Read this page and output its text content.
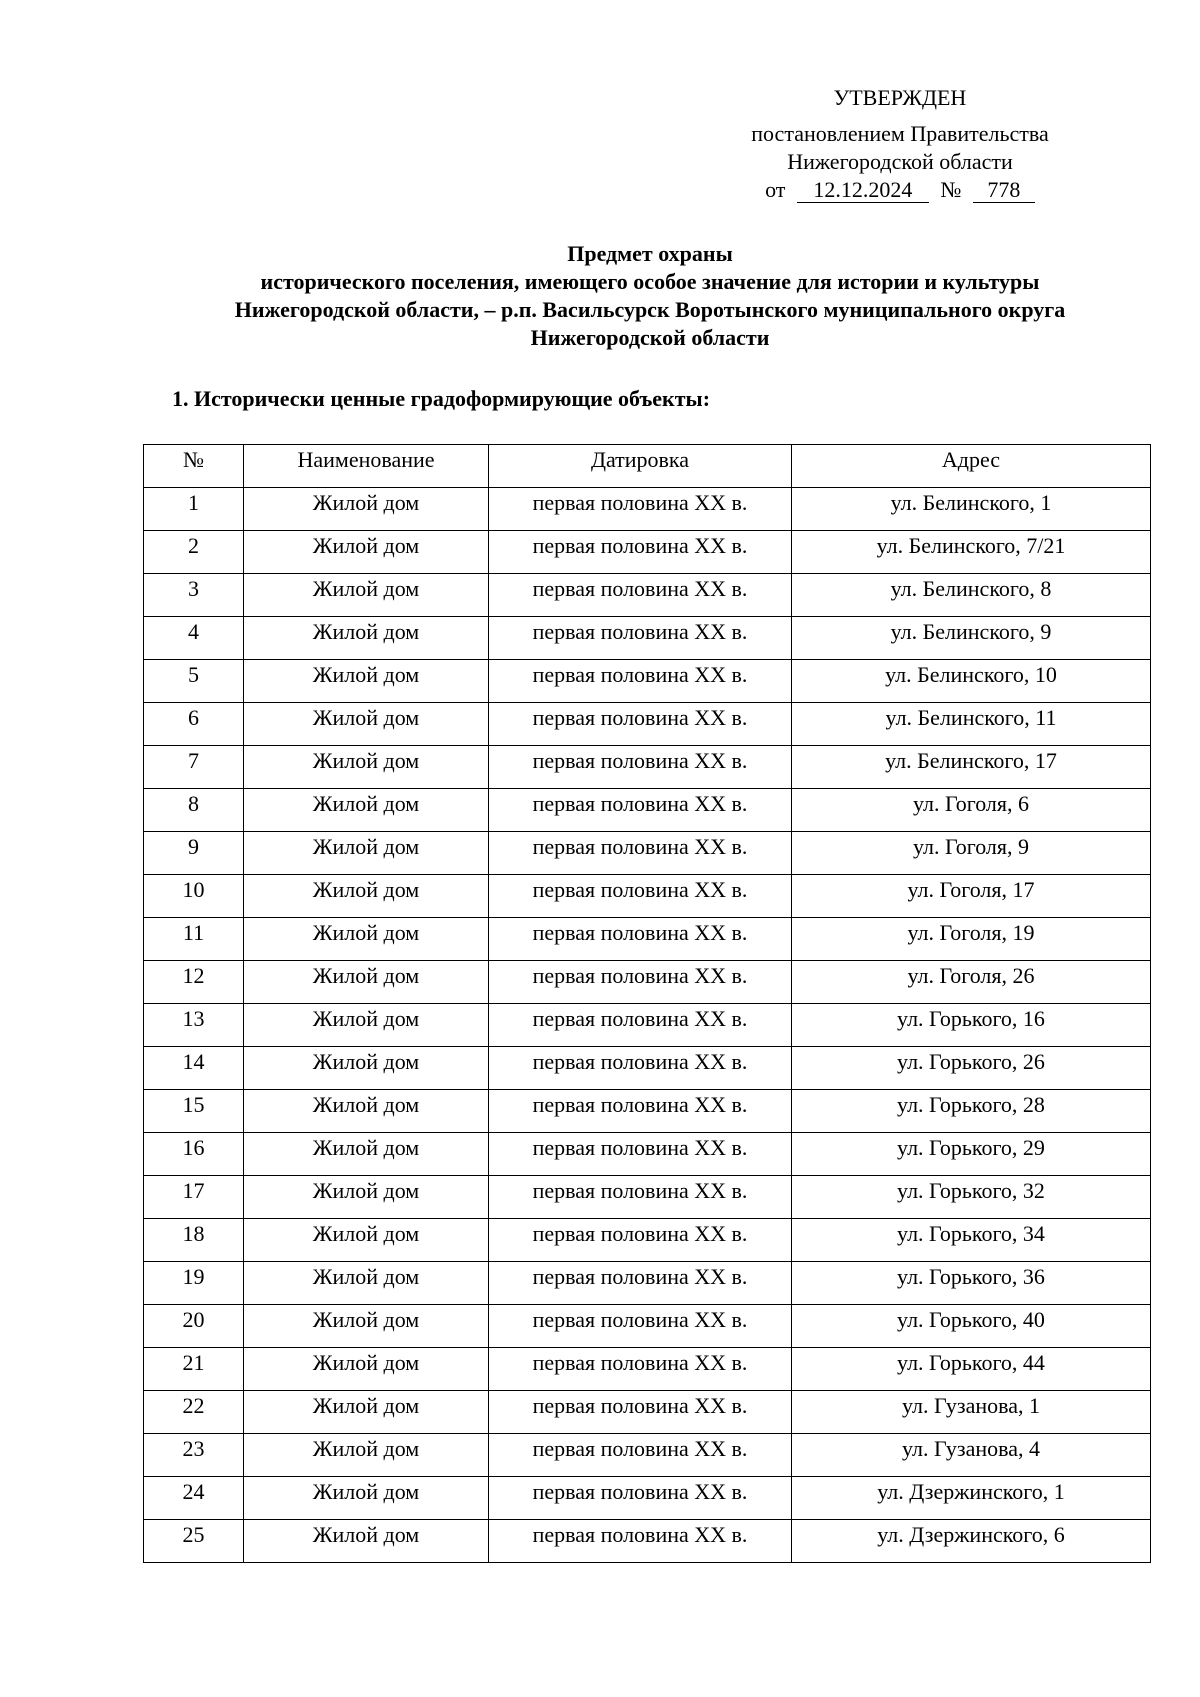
УТВЕРЖДЕН
постановлением Правительства
Нижегородской области
от 12.12.2024 № 778
Предмет охраны
исторического поселения, имеющего особое значение для истории и культуры
Нижегородской области, – р.п. Васильсурск Воротынского муниципального округа
Нижегородской области
1. Исторически ценные градоформирующие объекты:
№	Наименование	Датировка	Адрес
1	Жилой дом	первая половина XX в.	ул. Белинского, 1
2	Жилой дом	первая половина XX в.	ул. Белинского, 7/21
3	Жилой дом	первая половина XX в.	ул. Белинского, 8
4	Жилой дом	первая половина XX в.	ул. Белинского, 9
5	Жилой дом	первая половина XX в.	ул. Белинского, 10
6	Жилой дом	первая половина XX в.	ул. Белинского, 11
7	Жилой дом	первая половина XX в.	ул. Белинского, 17
8	Жилой дом	первая половина XX в.	ул. Гоголя, 6
9	Жилой дом	первая половина XX в.	ул. Гоголя, 9
10	Жилой дом	первая половина XX в.	ул. Гоголя, 17
11	Жилой дом	первая половина XX в.	ул. Гоголя, 19
12	Жилой дом	первая половина XX в.	ул. Гоголя, 26
13	Жилой дом	первая половина XX в.	ул. Горького, 16
14	Жилой дом	первая половина XX в.	ул. Горького, 26
15	Жилой дом	первая половина XX в.	ул. Горького, 28
16	Жилой дом	первая половина XX в.	ул. Горького, 29
17	Жилой дом	первая половина XX в.	ул. Горького, 32
18	Жилой дом	первая половина XX в.	ул. Горького, 34
19	Жилой дом	первая половина XX в.	ул. Горького, 36
20	Жилой дом	первая половина XX в.	ул. Горького, 40
21	Жилой дом	первая половина XX в.	ул. Горького, 44
22	Жилой дом	первая половина XX в.	ул. Гузанова, 1
23	Жилой дом	первая половина XX в.	ул. Гузанова, 4
24	Жилой дом	первая половина XX в.	ул. Дзержинского, 1
25	Жилой дом	первая половина XX в.	ул. Дзержинского, 6
